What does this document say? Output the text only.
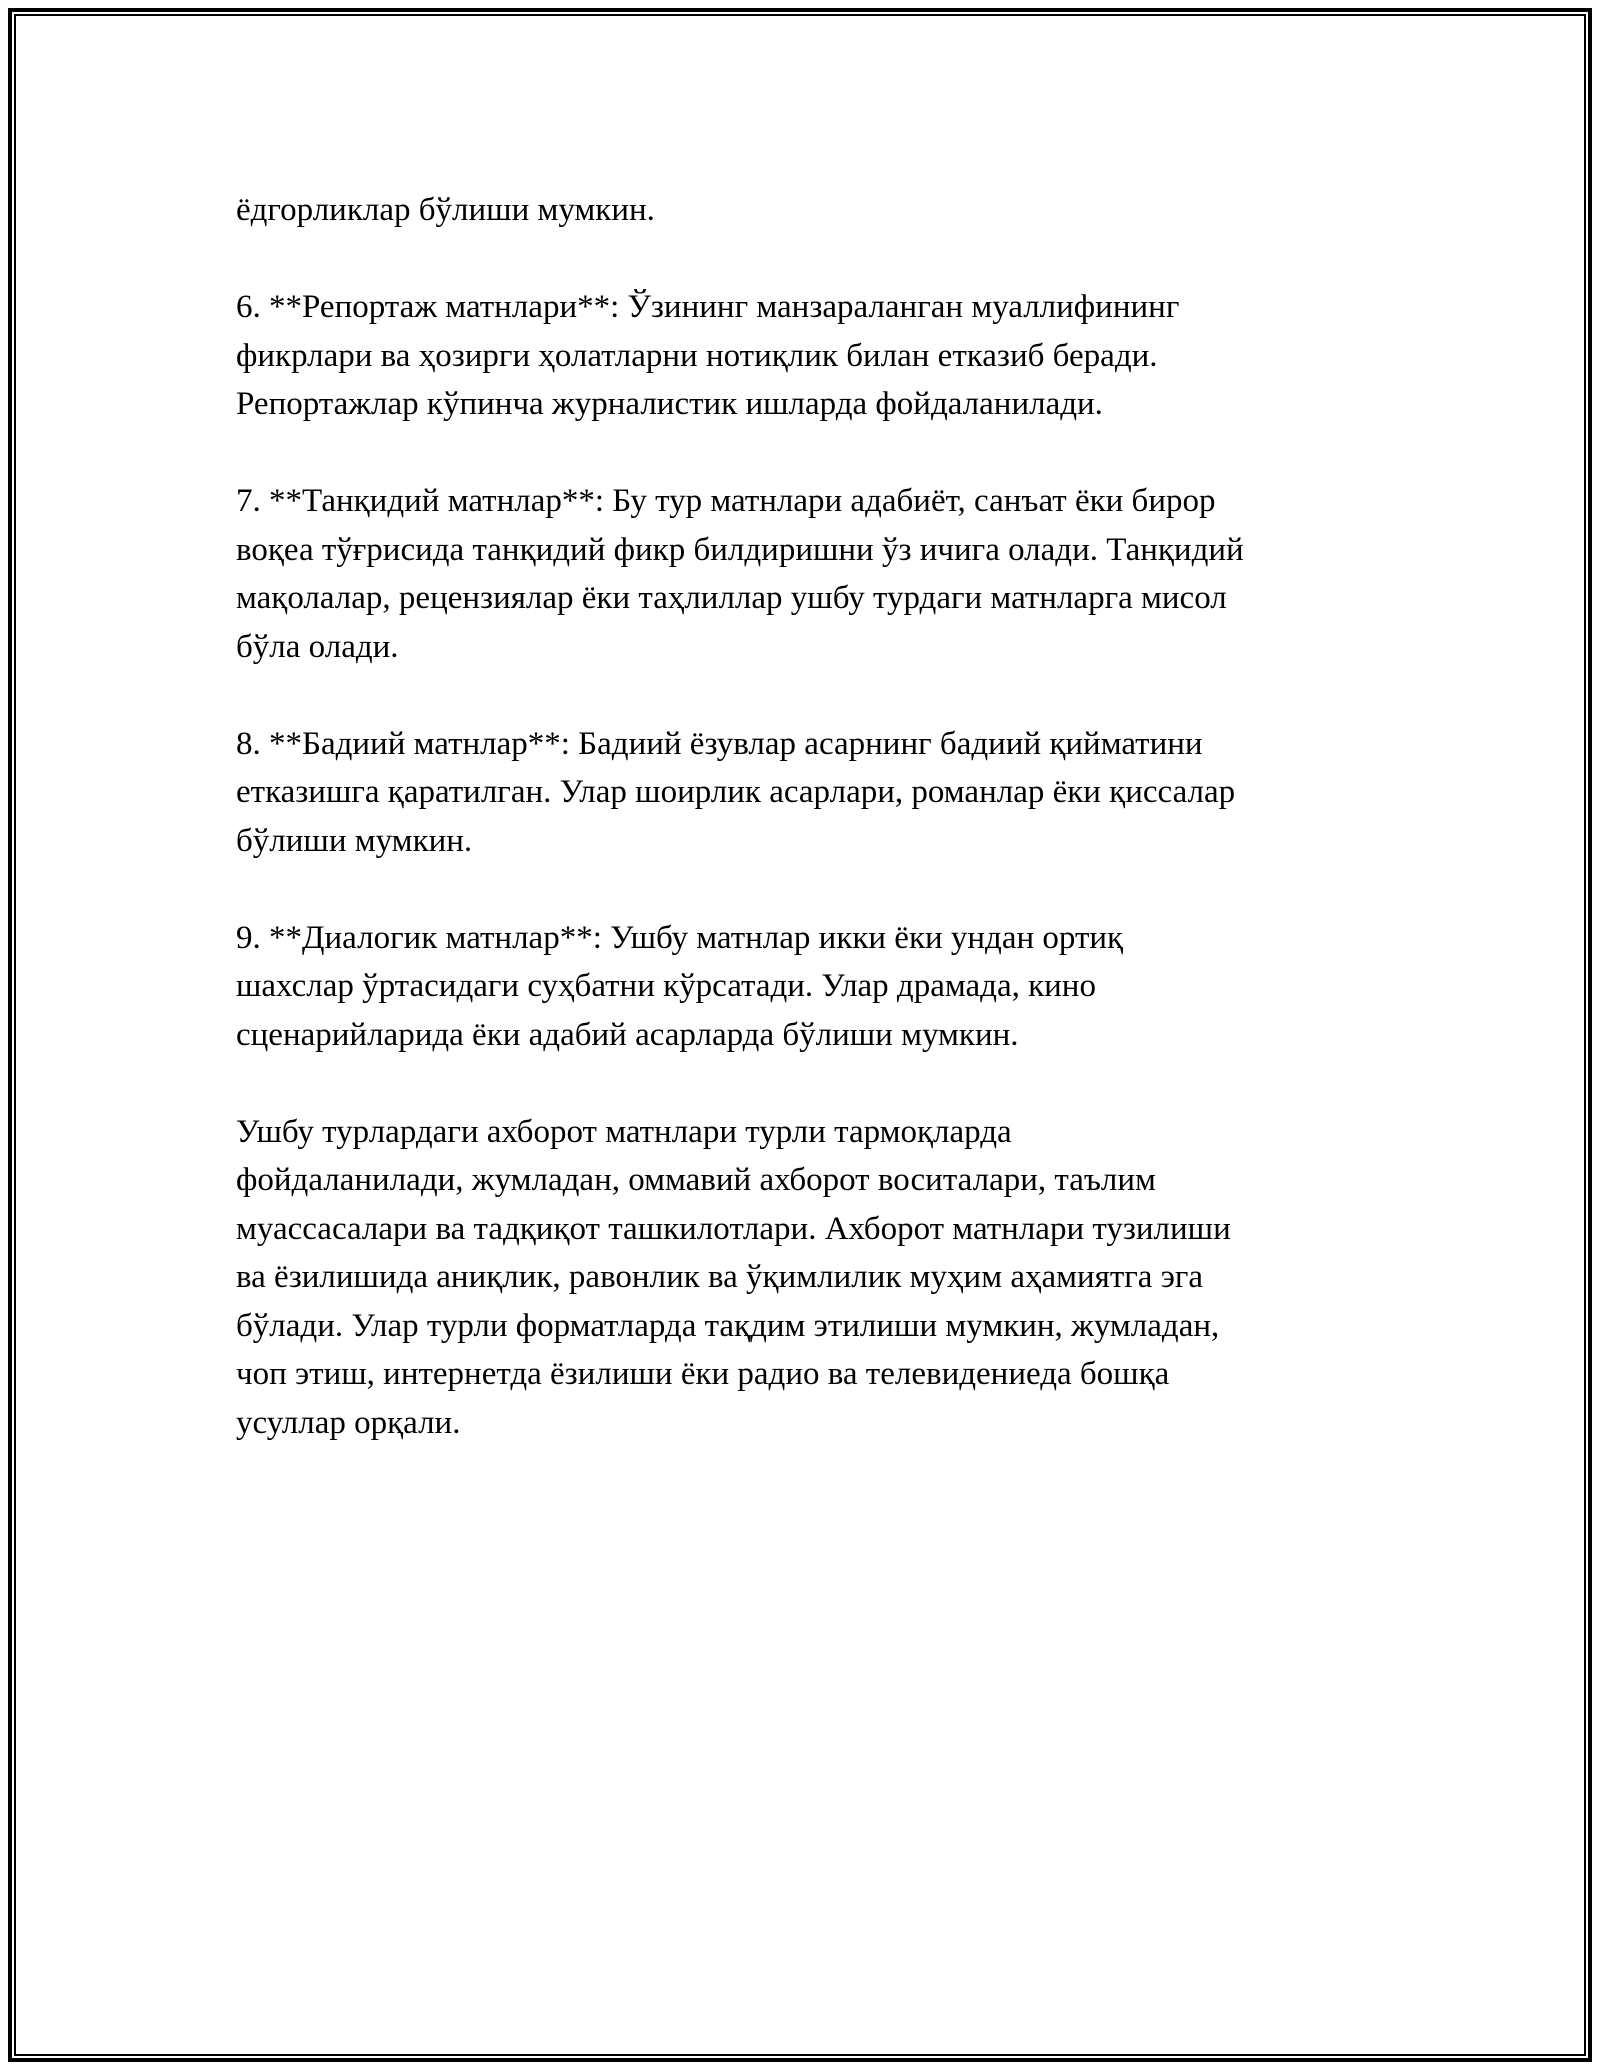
ёдгорликлар бўлиши мумкин.

6. **Репортаж матнлари**: Ўзининг манзараланган муаллифининг
фикрлари ва ҳозирги ҳолатларни нотиқлик билан етказиб беради.
Репортажлар кўпинча журналистик ишларда фойдаланилади.

7. **Танқидий матнлар**: Бу тур матнлари адабиёт, санъат ёки бирор
воқеа тўғрисида танқидий фикр билдиришни ўз ичига олади. Танқидий
мақолалар, рецензиялар ёки таҳлиллар ушбу турдаги матнларга мисол
бўла олади.

8. **Бадиий матнлар**: Бадиий ёзувлар асарнинг бадиий қийматини
етказишга қаратилган. Улар шоирлик асарлари, романлар ёки қиссалар
бўлиши мумкин.

9. **Диалогик матнлар**: Ушбу матнлар икки ёки ундан ортиқ
шахслар ўртасидаги суҳбатни кўрсатади. Улар драмада, кино
сценарийларида ёки адабий асарларда бўлиши мумкин.

Ушбу турлардаги ахборот матнлари турли тармоқларда
фойдаланилади, жумладан, оммавий ахборот воситалари, таълим
муассасалари ва тадқиқот ташкилотлари. Ахборот матнлари тузилиши
ва ёзилишида аниқлик, равонлик ва ўқимлилик муҳим аҳамиятга эга
бўлади. Улар турли форматларда тақдим этилиши мумкин, жумладан,
чоп этиш, интернетда ёзилиши ёки радио ва телевидениеда бошқа
усуллар орқали.
